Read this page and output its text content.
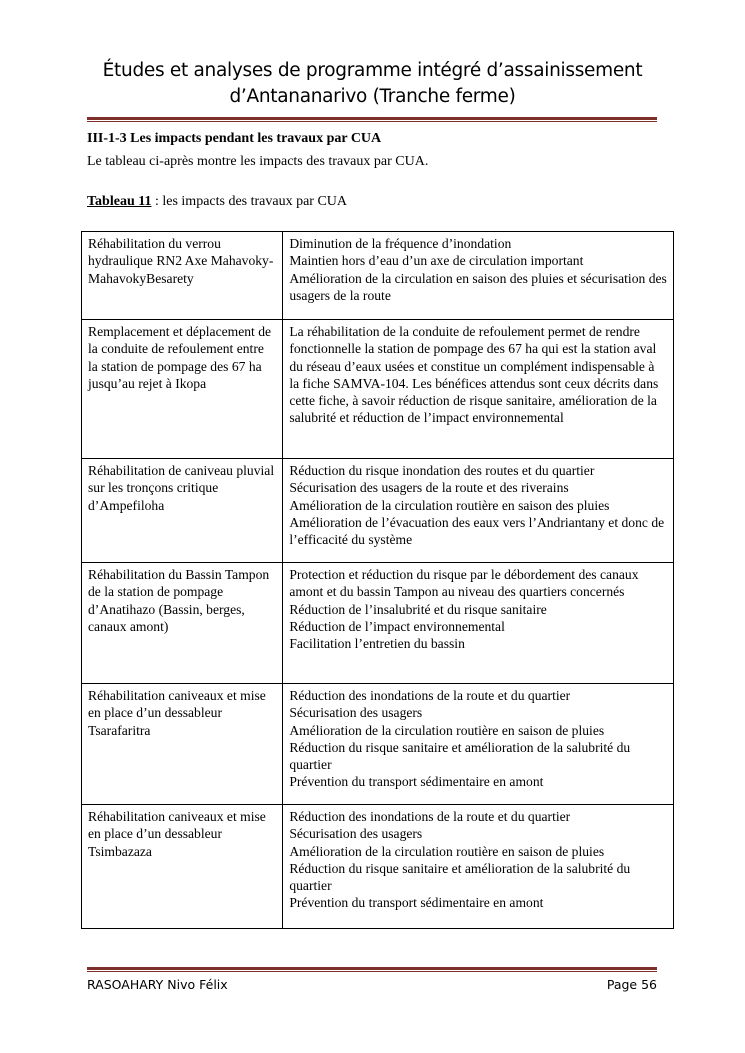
Études et analyses de programme intégré d’assainissement
d’Antananarivo (Tranche ferme)
III-1-3 Les impacts pendant les travaux par CUA
Le tableau ci-après montre les impacts des travaux par CUA.
Tableau 11 : les impacts des travaux par CUA
Réhabilitation du verrou hydraulique RN2 Axe Mahavoky-MahavokyBesarety	Diminution de la fréquence d’inondation
Maintien hors d’eau d’un axe de circulation important
Amélioration de la circulation en saison des pluies et sécurisation des usagers de la route

Remplacement et déplacement de la conduite de refoulement entre la station de pompage des 67 ha jusqu’au rejet à Ikopa	La réhabilitation de la conduite de refoulement permet de rendre fonctionnelle la station de pompage des 67 ha qui est la station aval du réseau d’eaux usées et constitue un complément indispensable à la fiche SAMVA-104. Les bénéfices attendus sont ceux décrits dans cette fiche, à savoir réduction de risque sanitaire, amélioration de la salubrité et réduction de l’impact environnemental

Réhabilitation de caniveau pluvial sur les tronçons critique d’Ampefiloha	Réduction du risque inondation des routes et du quartier
Sécurisation des usagers de la route et des riverains
Amélioration de la circulation routière en saison des pluies
Amélioration de l’évacuation des eaux vers l’Andriantany et donc de l’efficacité du système

Réhabilitation du Bassin Tampon de la station de pompage d’Anatihazo (Bassin, berges, canaux amont)	Protection et réduction du risque par le débordement des canaux amont et du bassin Tampon au niveau des quartiers concernés
Réduction de l’insalubrité et du risque sanitaire
Réduction de l’impact environnemental
Facilitation l’entretien du bassin

Réhabilitation caniveaux et mise en place d’un dessableur Tsarafaritra	Réduction des inondations de la route et du quartier
Sécurisation des usagers
Amélioration de la circulation routière en saison de pluies
Réduction du risque sanitaire et amélioration de la salubrité du quartier
Prévention du transport sédimentaire en amont

Réhabilitation caniveaux et mise en place d’un dessableur Tsimbazaza	Réduction des inondations de la route et du quartier
Sécurisation des usagers
Amélioration de la circulation routière en saison de pluies
Réduction du risque sanitaire et amélioration de la salubrité du quartier
Prévention du transport sédimentaire en amont
RASOAHARY Nivo Félix	Page 56
